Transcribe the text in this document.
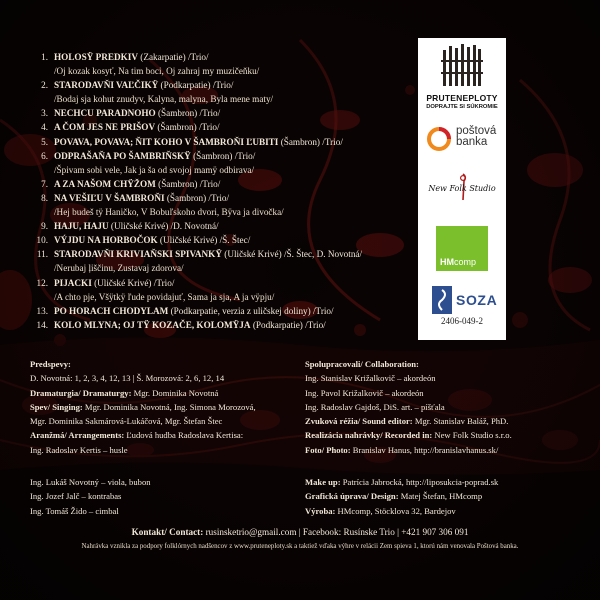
PRUTENEPLOTY
DOPRAJTE SI SÚKROMIE
poštová
banka
New Folk Studio
HMcomp
SOZA
2406-049-2
1. HOLOSŸ PREDKIV (Zakarpatie) /Trio/
/Oj kozak kosyť, Na tim boci, Oj zahraj my muzičeňku/
2. STARODAVŇI VAĽČIKŸ (Podkarpatie) /Trio/
/Bodaj sja kohut znudyv, Kalyna, malyna, Byla mene maty/
3. NECHCU PARADNOHO (Šambron) /Trio/
4. A ČOM JES NE PRIŠOV (Šambron) /Trio/
5. POVAVA, POVAVA; ŇIT KOHO V ŠAMBROŇI ĽUBITI (Šambron) /Trio/
6. ODPRAŠAŇA PO ŠAMBRIŇSKŸ (Šambron) /Trio/
/Špivam sobi vele, Jak ja ša od svojoj mamÿ odbirava/
7. A ZA NAŠOM CHŸŽOM (Šambron) /Trio/
8. NA VEŠIĽU V ŠAMBROŇI (Šambron) /Trio/
/Hej budeš tÿ Haničko, V Bobuľskoho dvori, Bÿva ja divočka/
9. HAJU, HAJU (Uličské Krivé) /D. Novotná/
10. VÝJDU NA HORBOČOK (Uličské Krivé) /Š. Štec/
11. STARODAVŇI KRIVIAŇSKI SPIVANKŸ (Uličské Krivé) /Š. Štec, D. Novotná/
/Nerubaj ļiščinu, Zustavaj zdorova/
12. PIJACKI (Uličské Krivé) /Trio/
/A chto pje, Všÿtkÿ ľude povidajuť, Sama ja sja, A ja vÿpju/
13. PO HORACH CHODYLAM (Podkarpatie, verzia z uličskej doliny) /Trio/
14. KOLO MLYNA; OJ TŸ KOZAČE, KOLOMŸJA (Podkarpatie) /Trio/
Predspevy:
D. Novotná: 1, 2, 3, 4, 12, 13 | Š. Morozová: 2, 6, 12, 14
Dramaturgia/ Dramaturgy: Mgr. Dominika Novotná
Spev/ Singing: Mgr. Dominika Novotná, Ing. Simona Morozová,
Mgr. Dominika Sakmárová-Lukáčová, Mgr. Štefan Štec
Aranžmá/ Arrangements: Ľudová hudba Radoslava Kertisa:
Ing. Radoslav Kertis – husle
Spolupracovali/ Collaboration:
Ing. Stanislav Križalkovič – akordeón
Ing. Pavol Križalkovič – akordeón
Ing. Radoslav Gajdoš, DiS. art. – píšťala
Zvuková réžia/ Sound editor: Mgr. Stanislav Baláž, PhD.
Realizácia nahrávky/ Recorded in: New Folk Studio s.r.o.
Foto/ Photo: Branislav Hanus, http://branislavhanus.sk/
Ing. Lukáš Novotný – viola, bubon
Ing. Jozef Jalč – kontrabas
Ing. Tomáš Žido – cimbal
Make up: Patrícia Jabrocká, http://liposukcia-poprad.sk
Grafická úprava/ Design: Matej Štefan, HMcomp
Výroba: HMcomp, Stöcklova 32, Bardejov
Kontakt/ Contact: rusinsketrio@gmail.com | Facebook: Rusínske Trio | +421 907 306 091
Nahrávka vznikla za podpory folklórnych nadšencov z www.pruteneploty.sk a taktiež vďaka výhre v relácii Zem spieva 1, ktorú nám venovala Poštová banka.
